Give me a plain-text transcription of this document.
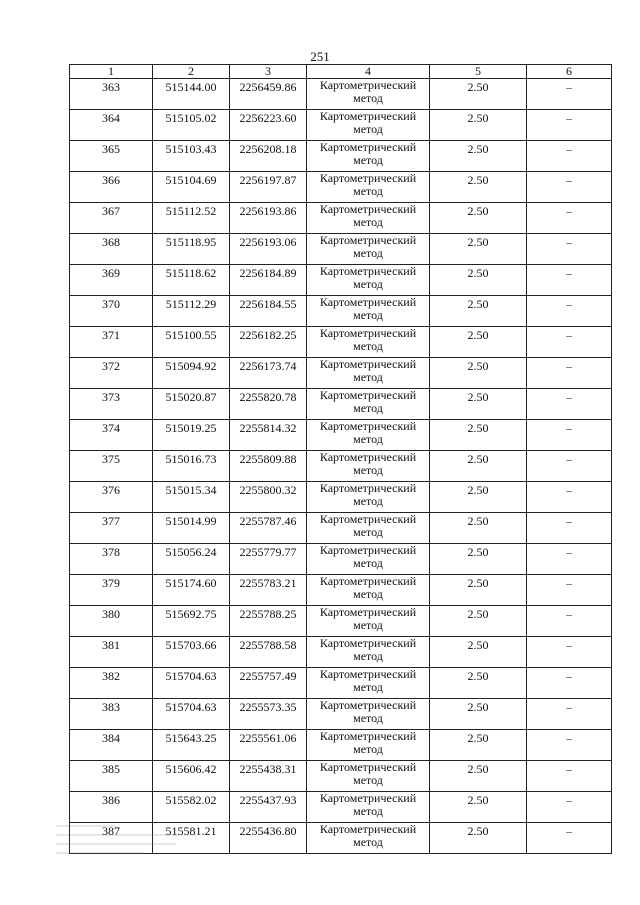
251
1	2	3	4	5	6
363	515144.00	2256459.86	Картометрический метод	2.50	–
364	515105.02	2256223.60	Картометрический метод	2.50	–
365	515103.43	2256208.18	Картометрический метод	2.50	–
366	515104.69	2256197.87	Картометрический метод	2.50	–
367	515112.52	2256193.86	Картометрический метод	2.50	–
368	515118.95	2256193.06	Картометрический метод	2.50	–
369	515118.62	2256184.89	Картометрический метод	2.50	–
370	515112.29	2256184.55	Картометрический метод	2.50	–
371	515100.55	2256182.25	Картометрический метод	2.50	–
372	515094.92	2256173.74	Картометрический метод	2.50	–
373	515020.87	2255820.78	Картометрический метод	2.50	–
374	515019.25	2255814.32	Картометрический метод	2.50	–
375	515016.73	2255809.88	Картометрический метод	2.50	–
376	515015.34	2255800.32	Картометрический метод	2.50	–
377	515014.99	2255787.46	Картометрический метод	2.50	–
378	515056.24	2255779.77	Картометрический метод	2.50	–
379	515174.60	2255783.21	Картометрический метод	2.50	–
380	515692.75	2255788.25	Картометрический метод	2.50	–
381	515703.66	2255788.58	Картометрический метод	2.50	–
382	515704.63	2255757.49	Картометрический метод	2.50	–
383	515704.63	2255573.35	Картометрический метод	2.50	–
384	515643.25	2255561.06	Картометрический метод	2.50	–
385	515606.42	2255438.31	Картометрический метод	2.50	–
386	515582.02	2255437.93	Картометрический метод	2.50	–
387	515581.21	2255436.80	Картометрический метод	2.50	–
